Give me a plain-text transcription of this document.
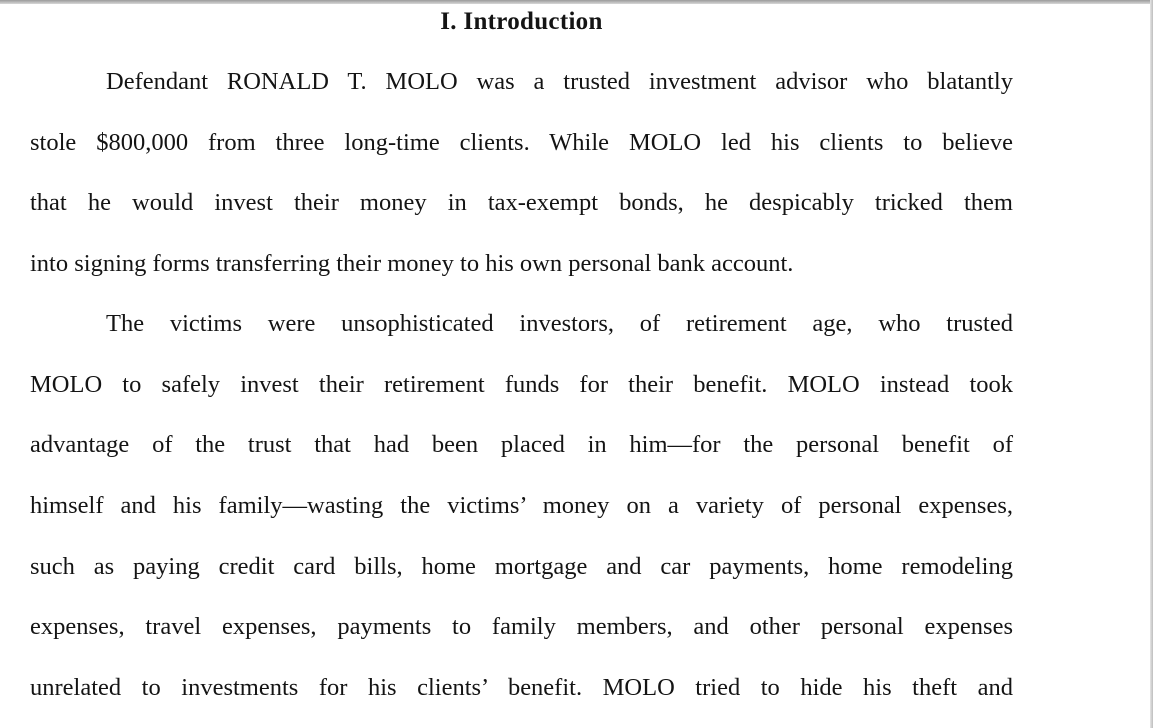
I. Introduction
Defendant RONALD T. MOLO was a trusted investment advisor who blatantly
stole $800,000 from three long-time clients. While MOLO led his clients to believe
that he would invest their money in tax-exempt bonds, he despicably tricked them
into signing forms transferring their money to his own personal bank account.
The victims were unsophisticated investors, of retirement age, who trusted
MOLO to safely invest their retirement funds for their benefit. MOLO instead took
advantage of the trust that had been placed in him—for the personal benefit of
himself and his family—wasting the victims’ money on a variety of personal expenses,
such as paying credit card bills, home mortgage and car payments, home remodeling
expenses, travel expenses, payments to family members, and other personal expenses
unrelated to investments for his clients’ benefit. MOLO tried to hide his theft and
